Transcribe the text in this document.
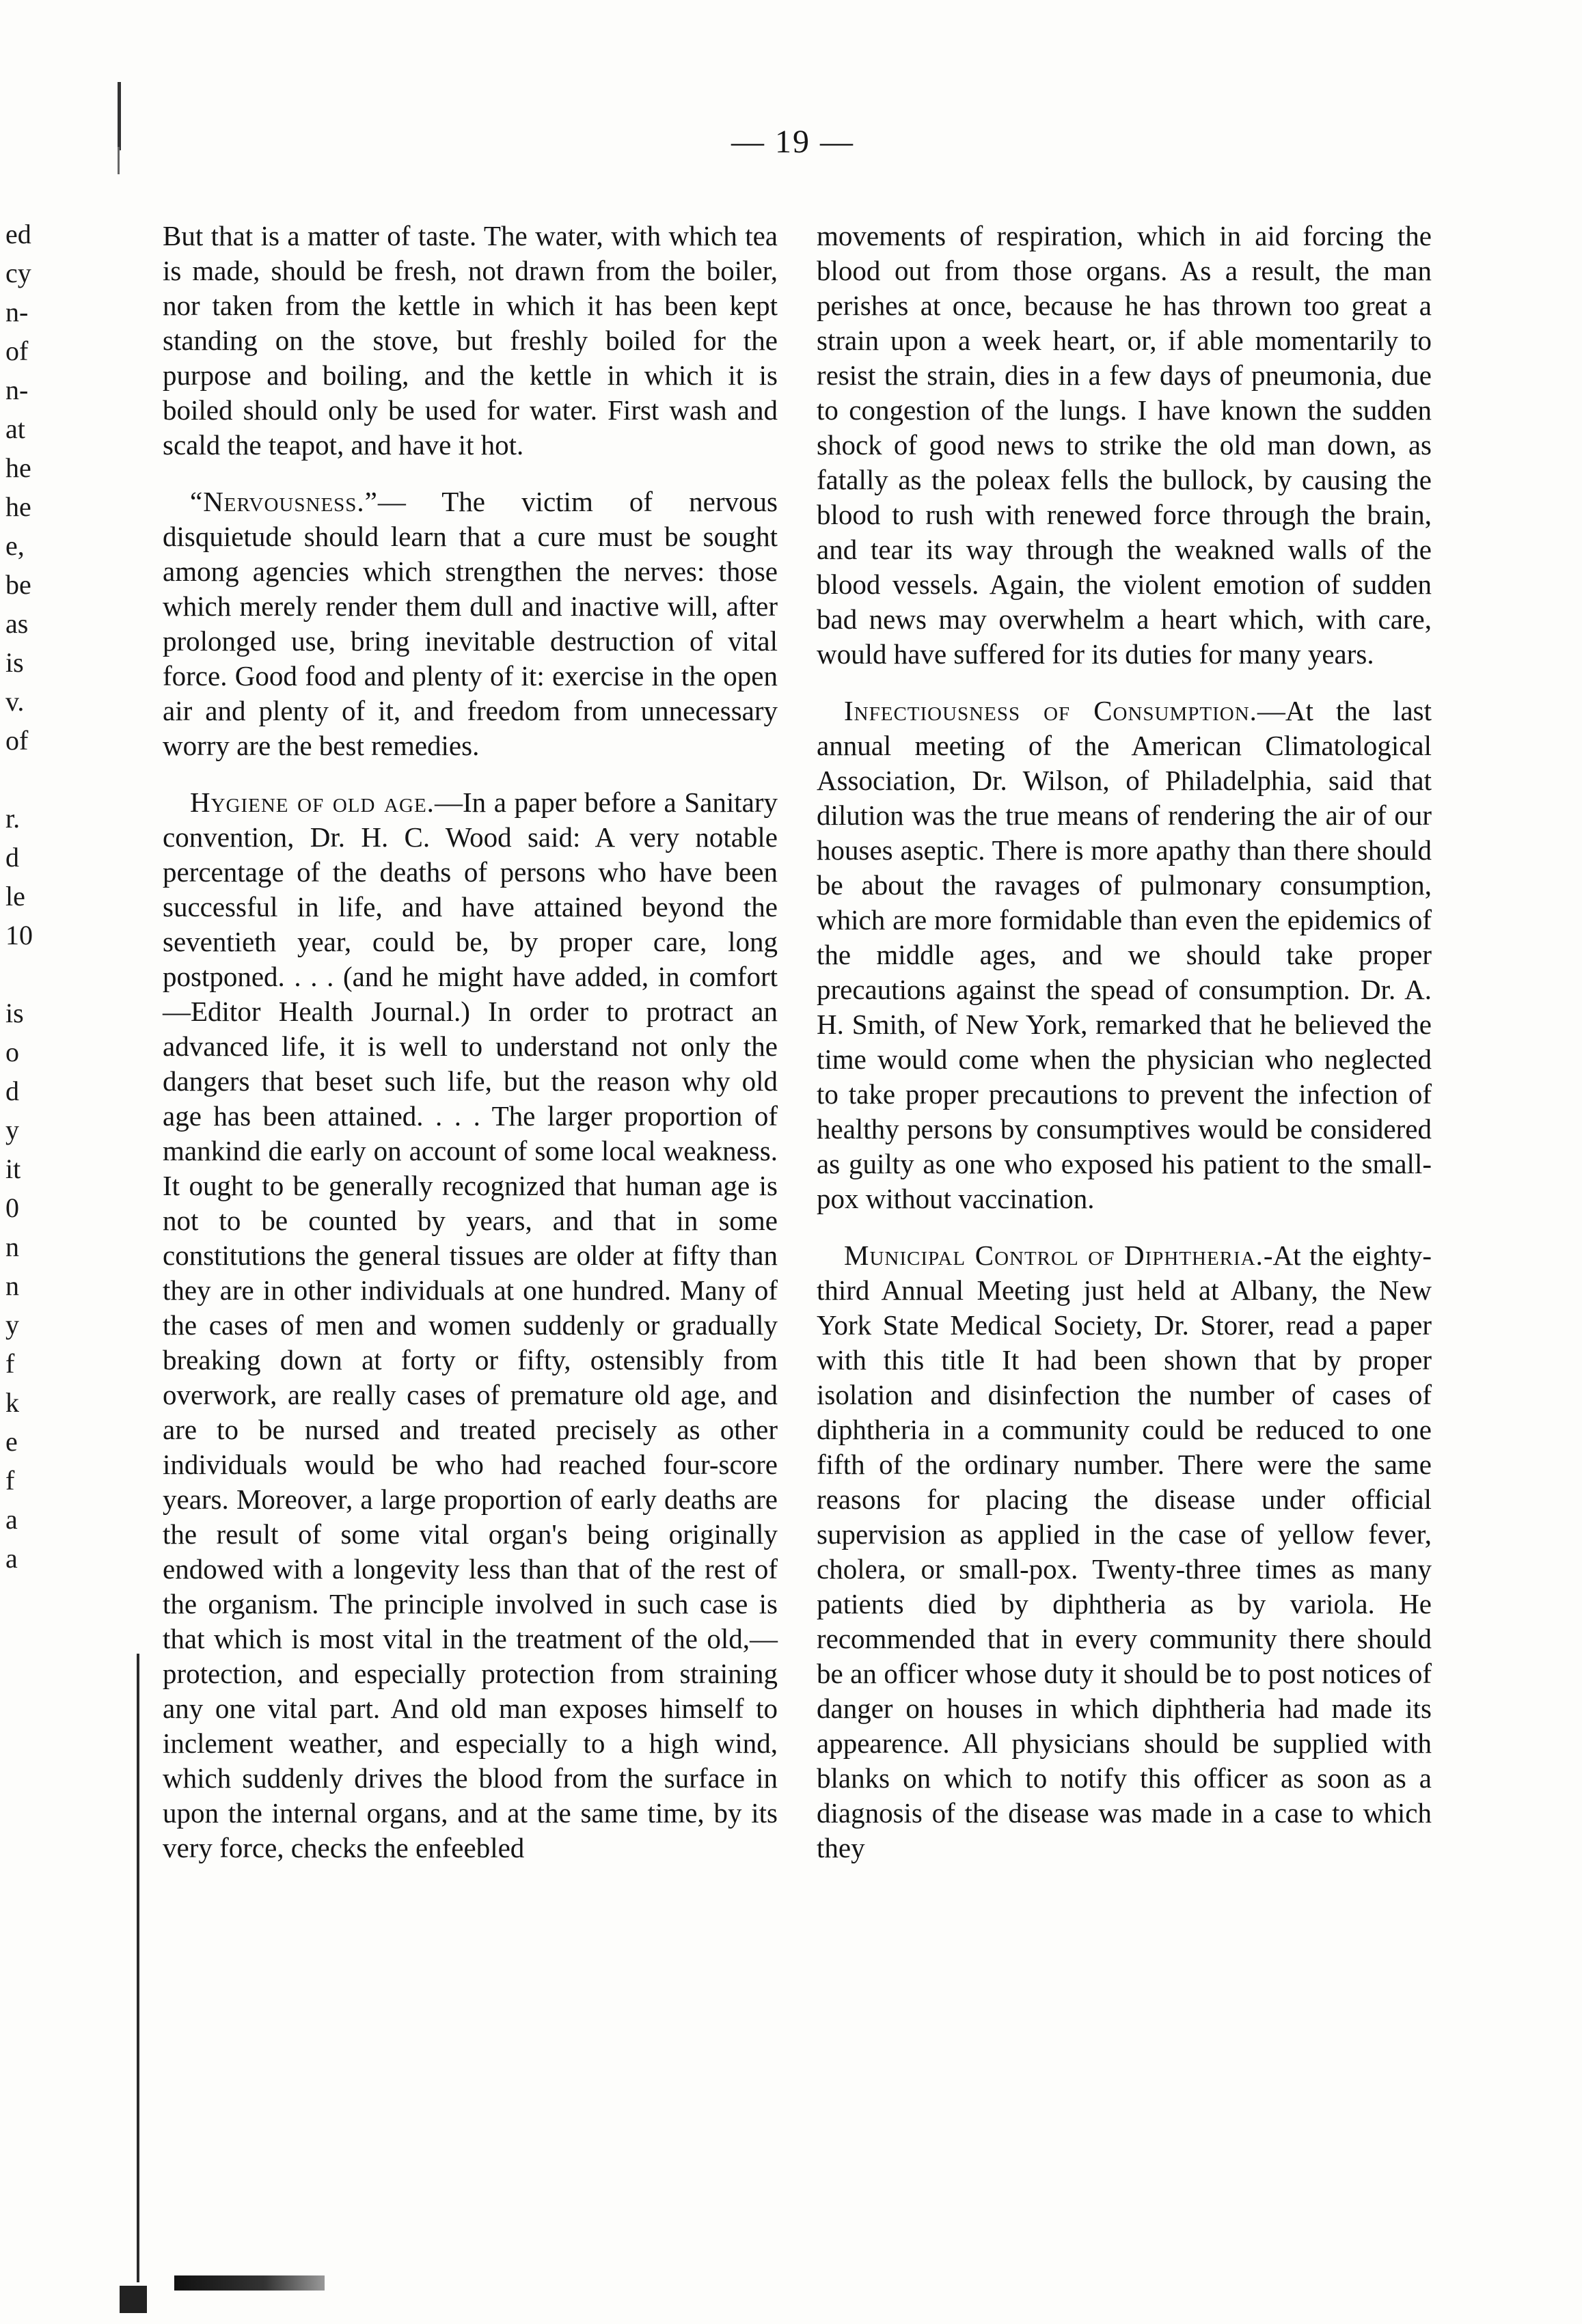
— 19 —
ed
cy
n-
of
n-
at
he
he
e,
be
as
is
v.
of
r.
d
le
10
is
o
d
y
it
0
n
n
y
f
k
e
f
a
a

But that is a matter of taste. The water, with which tea is made, should be fresh, not drawn from the boiler, nor taken from the kettle in which it has been kept standing on the stove, but freshly boiled for the purpose and boiling, and the kettle in which it is boiled should only be used for water. First wash and scald the teapot, and have it hot.

“Nervousness.”— The victim of nervous disquietude should learn that a cure must be sought among agencies which strengthen the nerves: those which merely render them dull and inactive will, after prolonged use, bring inevitable destruction of vital force. Good food and plenty of it: exercise in the open air and plenty of it, and freedom from unnecessary worry are the best remedies.

Hygiene of old age.—In a paper before a Sanitary convention, Dr. H. C. Wood said: A very notable percentage of the deaths of persons who have been successful in life, and have attained beyond the seventieth year, could be, by proper care, long postponed. . . . (and he might have added, in comfort—Editor Health Journal.) In order to protract an advanced life, it is well to understand not only the dangers that beset such life, but the reason why old age has been attained. . . . The larger proportion of mankind die early on account of some local weakness. It ought to be generally recognized that human age is not to be counted by years, and that in some constitutions the general tissues are older at fifty than they are in other individuals at one hundred. Many of the cases of men and women suddenly or gradually breaking down at forty or fifty, ostensibly from overwork, are really cases of premature old age, and are to be nursed and treated precisely as other individuals would be who had reached four-score years. Moreover, a large proportion of early deaths are the result of some vital organ's being originally endowed with a longevity less than that of the rest of the organism. The principle involved in such case is that which is most vital in the treatment of the old,—protection, and especially protection from straining any one vital part. And old man exposes himself to inclement weather, and especially to a high wind, which suddenly drives the blood from the surface in upon the internal organs, and at the same time, by its very force, checks the enfeebled

movements of respiration, which in aid forcing the blood out from those organs. As a result, the man perishes at once, because he has thrown too great a strain upon a week heart, or, if able momentarily to resist the strain, dies in a few days of pneumonia, due to congestion of the lungs. I have known the sudden shock of good news to strike the old man down, as fatally as the poleax fells the bullock, by causing the blood to rush with renewed force through the brain, and tear its way through the weakned walls of the blood vessels. Again, the violent emotion of sudden bad news may overwhelm a heart which, with care, would have suffered for its duties for many years.

Infectiousness of Consumption.—At the last annual meeting of the American Climatological Association, Dr. Wilson, of Philadelphia, said that dilution was the true means of rendering the air of our houses aseptic. There is more apathy than there should be about the ravages of pulmonary consumption, which are more formidable than even the epidemics of the middle ages, and we should take proper precautions against the spead of consumption. Dr. A. H. Smith, of New York, remarked that he believed the time would come when the physician who neglected to take proper precautions to prevent the infection of healthy persons by consumptives would be considered as guilty as one who exposed his patient to the small-pox without vaccination.

Municipal Control of Diphtheria.-At the eighty-third Annual Meeting just held at Albany, the New York State Medical Society, Dr. Storer, read a paper with this title It had been shown that by proper isolation and disinfection the number of cases of diphtheria in a community could be reduced to one fifth of the ordinary number. There were the same reasons for placing the disease under official supervision as applied in the case of yellow fever, cholera, or small-pox. Twenty-three times as many patients died by diphtheria as by variola. He recommended that in every community there should be an officer whose duty it should be to post notices of danger on houses in which diphtheria had made its appearence. All physicians should be supplied with blanks on which to notify this officer as soon as a diagnosis of the disease was made in a case to which they
